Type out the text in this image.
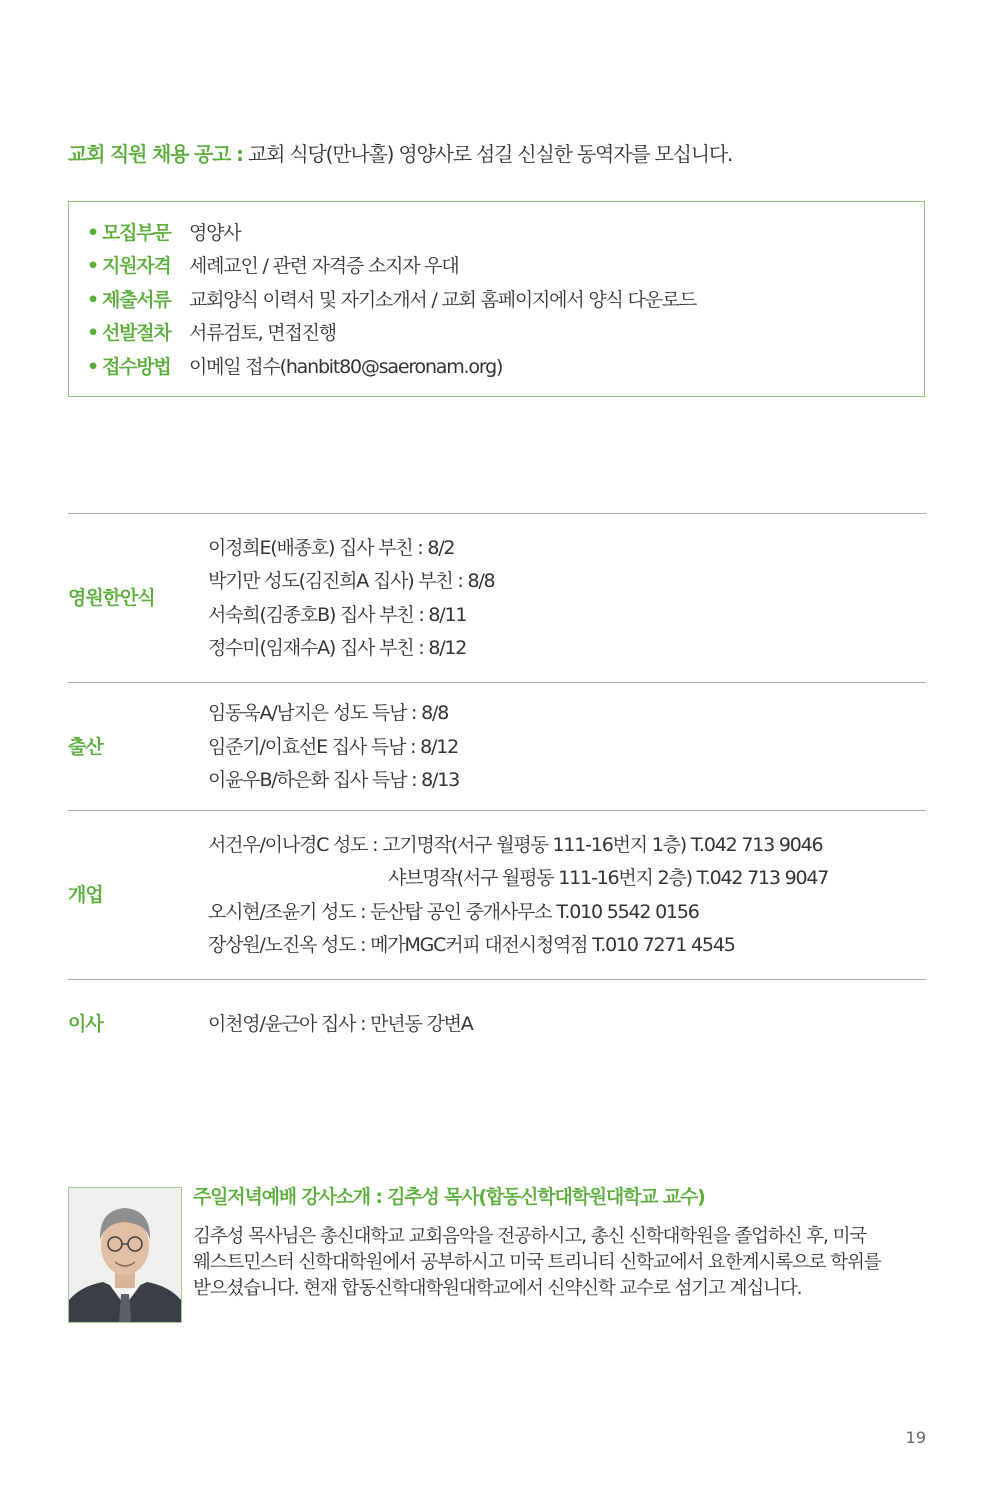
교회 직원 채용 공고 : 교회 식당(만나홀) 영양사로 섬길 신실한 동역자를 모십니다.
• 모집부문 영양사
• 지원자격 세례교인 / 관련 자격증 소지자 우대
• 제출서류 교회양식 이력서 및 자기소개서 / 교회 홈페이지에서 양식 다운로드
• 선발절차 서류검토, 면접진행
• 접수방법 이메일 접수(hanbit80@saeronam.org)
영원한안식
이정희E(배종호) 집사 부친 : 8/2
박기만 성도(김진희A 집사) 부친 : 8/8
서숙희(김종호B) 집사 부친 : 8/11
정수미(임재수A) 집사 부친 : 8/12
출산
임동욱A/남지은 성도 득남 : 8/8
임준기/이효선E 집사 득남 : 8/12
이윤우B/하은화 집사 득남 : 8/13
개업
서건우/이나경C 성도 : 고기명작(서구 월평동 111-16번지 1층) T.042 713 9046
샤브명작(서구 월평동 111-16번지 2층) T.042 713 9047
오시현/조윤기 성도 : 둔산탑 공인 중개사무소 T.010 5542 0156
장상원/노진옥 성도 : 메가MGC커피 대전시청역점 T.010 7271 4545
이사	이천영/윤근아 집사 : 만년동 강변A
주일저녁예배 강사소개 : 김추성 목사(합동신학대학원대학교 교수)

김추성 목사님은 총신대학교 교회음악을 전공하시고, 총신 신학대학원을 졸업하신 후, 미국 웨스트민스터 신학대학원에서 공부하시고 미국 트리니티 신학교에서 요한계시록으로 학위를 받으셨습니다. 현재 합동신학대학원대학교에서 신약신학 교수로 섬기고 계십니다.

19
